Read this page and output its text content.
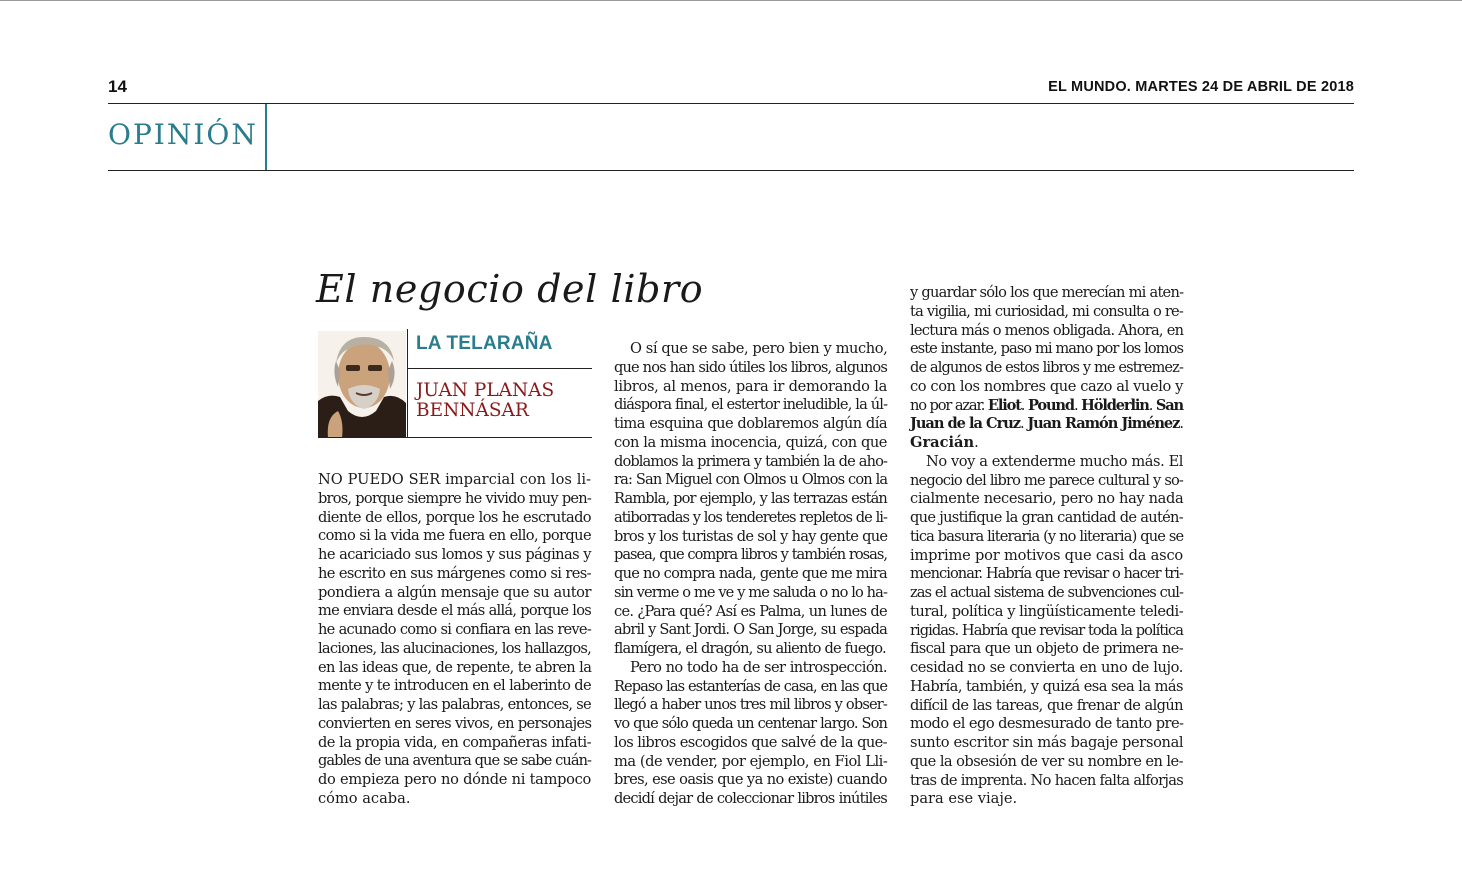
14	EL MUNDO. MARTES 24 DE ABRIL DE 2018
OPINIÓN
El negocio del libro
LA TELARAÑA
JUAN PLANAS
BENNÁSAR
NO PUEDO SER imparcial con los li-
bros, porque siempre he vivido muy pen-
diente de ellos, porque los he escrutado
como si la vida me fuera en ello, porque
he acariciado sus lomos y sus páginas y
he escrito en sus márgenes como si res-
pondiera a algún mensaje que su autor
me enviara desde el más allá, porque los
he acunado como si confiara en las reve-
laciones, las alucinaciones, los hallazgos,
en las ideas que, de repente, te abren la
mente y te introducen en el laberinto de
las palabras; y las palabras, entonces, se
convierten en seres vivos, en personajes
de la propia vida, en compañeras infati-
gables de una aventura que se sabe cuán-
do empieza pero no dónde ni tampoco
cómo acaba.
O sí que se sabe, pero bien y mucho,
que nos han sido útiles los libros, algunos
libros, al menos, para ir demorando la
diáspora final, el estertor ineludible, la úl-
tima esquina que doblaremos algún día
con la misma inocencia, quizá, con que
doblamos la primera y también la de aho-
ra: San Miguel con Olmos u Olmos con la
Rambla, por ejemplo, y las terrazas están
atiborradas y los tenderetes repletos de li-
bros y los turistas de sol y hay gente que
pasea, que compra libros y también rosas,
que no compra nada, gente que me mira
sin verme o me ve y me saluda o no lo ha-
ce. ¿Para qué? Así es Palma, un lunes de
abril y Sant Jordi. O San Jorge, su espada
flamígera, el dragón, su aliento de fuego.
Pero no todo ha de ser introspección.
Repaso las estanterías de casa, en las que
llegó a haber unos tres mil libros y obser-
vo que sólo queda un centenar largo. Son
los libros escogidos que salvé de la que-
ma (de vender, por ejemplo, en Fiol Lli-
bres, ese oasis que ya no existe) cuando
decidí dejar de coleccionar libros inútiles
y guardar sólo los que merecían mi aten-
ta vigilia, mi curiosidad, mi consulta o re-
lectura más o menos obligada. Ahora, en
este instante, paso mi mano por los lomos
de algunos de estos libros y me estremez-
co con los nombres que cazo al vuelo y
no por azar. Eliot. Pound. Hölderlin. San
Juan de la Cruz. Juan Ramón Jiménez.
Gracián.
No voy a extenderme mucho más. El
negocio del libro me parece cultural y so-
cialmente necesario, pero no hay nada
que justifique la gran cantidad de autén-
tica basura literaria (y no literaria) que se
imprime por motivos que casi da asco
mencionar. Habría que revisar o hacer tri-
zas el actual sistema de subvenciones cul-
tural, política y lingüísticamente teledi-
rigidas. Habría que revisar toda la política
fiscal para que un objeto de primera ne-
cesidad no se convierta en uno de lujo.
Habría, también, y quizá esa sea la más
difícil de las tareas, que frenar de algún
modo el ego desmesurado de tanto pre-
sunto escritor sin más bagaje personal
que la obsesión de ver su nombre en le-
tras de imprenta. No hacen falta alforjas
para ese viaje.
